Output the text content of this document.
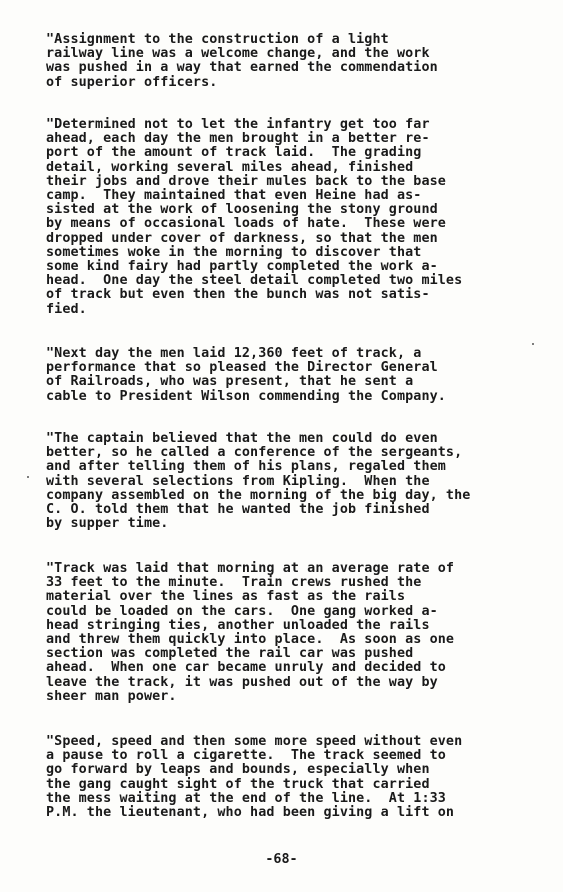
"Assignment to the construction of a light
railway line was a welcome change, and the work
was pushed in a way that earned the commendation
of superior officers.
"Determined not to let the infantry get too far
ahead, each day the men brought in a better re-
port of the amount of track laid.  The grading
detail, working several miles ahead, finished
their jobs and drove their mules back to the base
camp.  They maintained that even Heine had as-
sisted at the work of loosening the stony ground
by means of occasional loads of hate.  These were
dropped under cover of darkness, so that the men
sometimes woke in the morning to discover that
some kind fairy had partly completed the work a-
head.  One day the steel detail completed two miles
of track but even then the bunch was not satis-
fied.
"Next day the men laid 12,360 feet of track, a
performance that so pleased the Director General
of Railroads, who was present, that he sent a
cable to President Wilson commending the Company.
"The captain believed that the men could do even
better, so he called a conference of the sergeants,
and after telling them of his plans, regaled them
with several selections from Kipling.  When the
company assembled on the morning of the big day, the
C. O. told them that he wanted the job finished
by supper time.
"Track was laid that morning at an average rate of
33 feet to the minute.  Train crews rushed the
material over the lines as fast as the rails
could be loaded on the cars.  One gang worked a-
head stringing ties, another unloaded the rails
and threw them quickly into place.  As soon as one
section was completed the rail car was pushed
ahead.  When one car became unruly and decided to
leave the track, it was pushed out of the way by
sheer man power.
"Speed, speed and then some more speed without even
a pause to roll a cigarette.  The track seemed to
go forward by leaps and bounds, especially when
the gang caught sight of the truck that carried
the mess waiting at the end of the line.  At 1:33
P.M. the lieutenant, who had been giving a lift on
-68-
